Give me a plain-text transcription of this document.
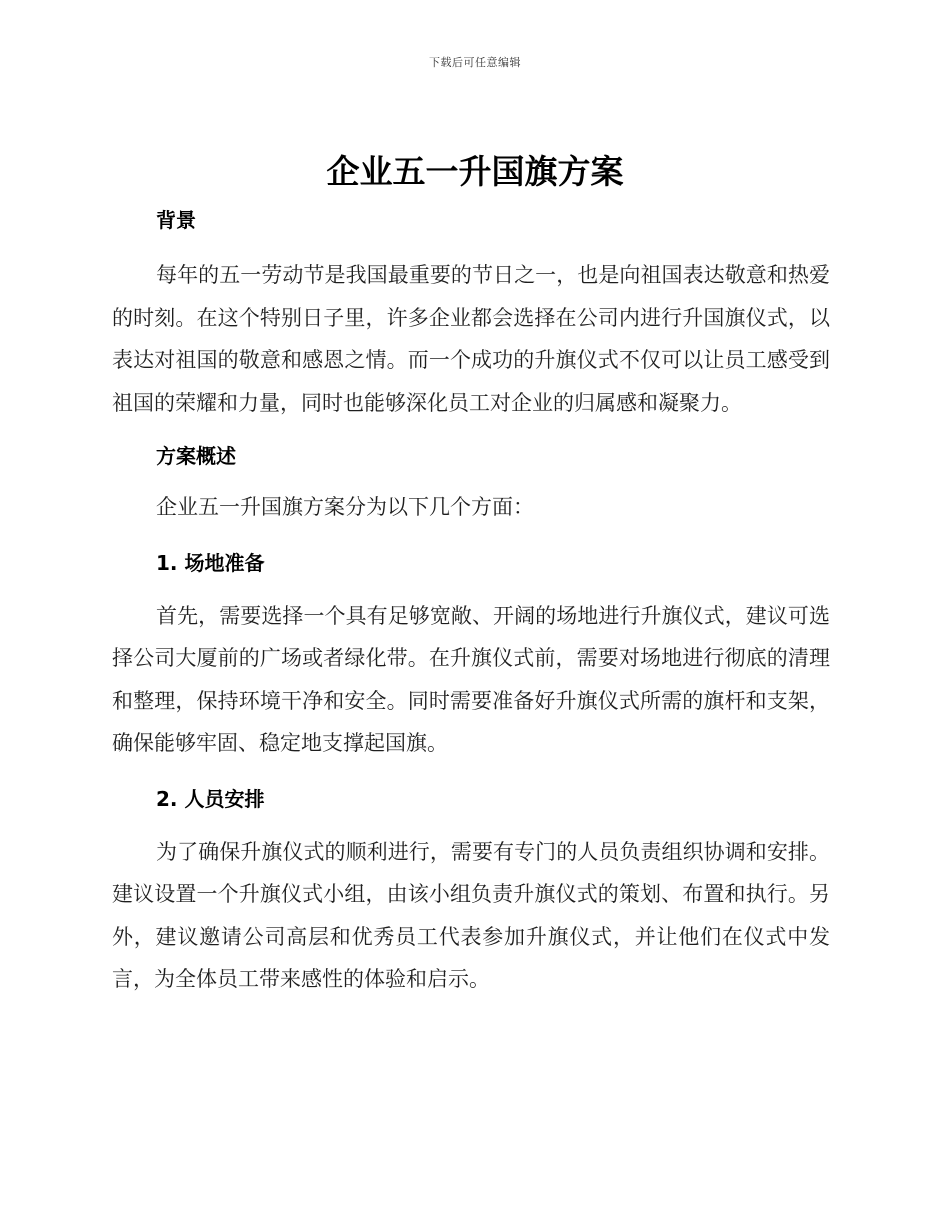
下载后可任意编辑
企业五一升国旗方案
背景

每年的五一劳动节是我国最重要的节日之一，也是向祖国表达敬意和热爱的时刻。在这个特别日子里，许多企业都会选择在公司内进行升国旗仪式，以表达对祖国的敬意和感恩之情。而一个成功的升旗仪式不仅可以让员工感受到祖国的荣耀和力量，同时也能够深化员工对企业的归属感和凝聚力。

方案概述

企业五一升国旗方案分为以下几个方面：

1. 场地准备

首先，需要选择一个具有足够宽敞、开阔的场地进行升旗仪式，建议可选择公司大厦前的广场或者绿化带。在升旗仪式前，需要对场地进行彻底的清理和整理，保持环境干净和安全。同时需要准备好升旗仪式所需的旗杆和支架，确保能够牢固、稳定地支撑起国旗。

2. 人员安排

为了确保升旗仪式的顺利进行，需要有专门的人员负责组织协调和安排。建议设置一个升旗仪式小组，由该小组负责升旗仪式的策划、布置和执行。另外，建议邀请公司高层和优秀员工代表参加升旗仪式，并让他们在仪式中发言，为全体员工带来感性的体验和启示。
